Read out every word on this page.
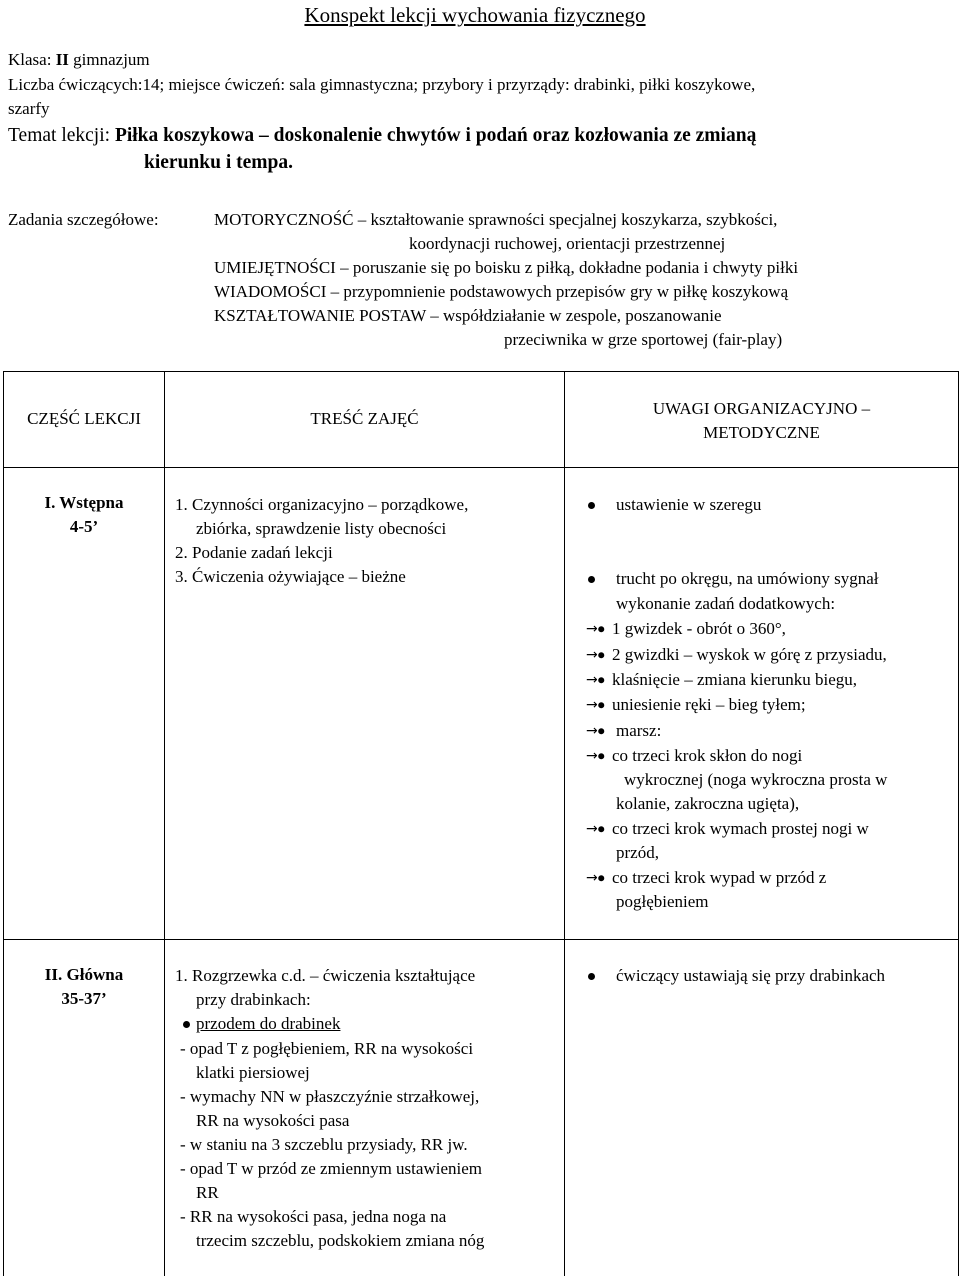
Konspekt lekcji wychowania fizycznego
Klasa: II gimnazjum
Liczba ćwiczących:14; miejsce ćwiczeń: sala gimnastyczna; przybory i przyrządy: drabinki, piłki koszykowe,
szarfy
Temat lekcji: Piłka koszykowa – doskonalenie chwytów i podań oraz kozłowania ze zmianą
kierunku i tempa.
Zadania szczegółowe:	MOTORYCZNOŚĆ – kształtowanie sprawności specjalnej koszykarza, szybkości,
koordynacji ruchowej, orientacji przestrzennej
UMIEJĘTNOŚCI – poruszanie się po boisku z piłką, dokładne podania i chwyty piłki
WIADOMOŚCI – przypomnienie podstawowych przepisów gry w piłkę koszykową
KSZTAŁTOWANIE POSTAW – współdziałanie w zespole, poszanowanie
przeciwnika w grze sportowej (fair-play)
CZĘŚĆ LEKCJI	TREŚĆ ZAJĘĆ
UWAGI ORGANIZACYJNO –
METODYCZNE
I. Wstępna
4-5’
1. Czynności organizacyjno – porządkowe,
zbiórka, sprawdzenie listy obecności
2. Podanie zadań lekcji
3. Ćwiczenia ożywiające – bieżne
ustawienie w szeregu
trucht po okręgu, na umówiony sygnał
wykonanie zadań dodatkowych:
→⦁ 1 gwizdek - obrót o 360°,
→⦁ 2 gwizdki – wyskok w górę z przysiadu,
→⦁ klaśnięcie – zmiana kierunku biegu,
→⦁ uniesienie ręki – bieg tyłem;
→⦁ marsz:
→⦁ co trzeci krok skłon do nogi
wykrocznej (noga wykroczna prosta w
kolanie, zakroczna ugięta),
→⦁ co trzeci krok wymach prostej nogi w
przód,
→⦁ co trzeci krok wypad w przód z
pogłębieniem
II. Główna
35-37’
1. Rozgrzewka c.d. – ćwiczenia kształtujące
przy drabinkach:
przodem do drabinek
- opad T z pogłębieniem, RR na wysokości
klatki piersiowej
- wymachy NN w płaszczyźnie strzałkowej,
RR na wysokości pasa
- w staniu na 3 szczeblu przysiady, RR jw.
- opad T w przód ze zmiennym ustawieniem
RR
- RR na wysokości pasa, jedna noga na
trzecim szczeblu, podskokiem zmiana nóg
ćwiczący ustawiają się przy drabinkach
